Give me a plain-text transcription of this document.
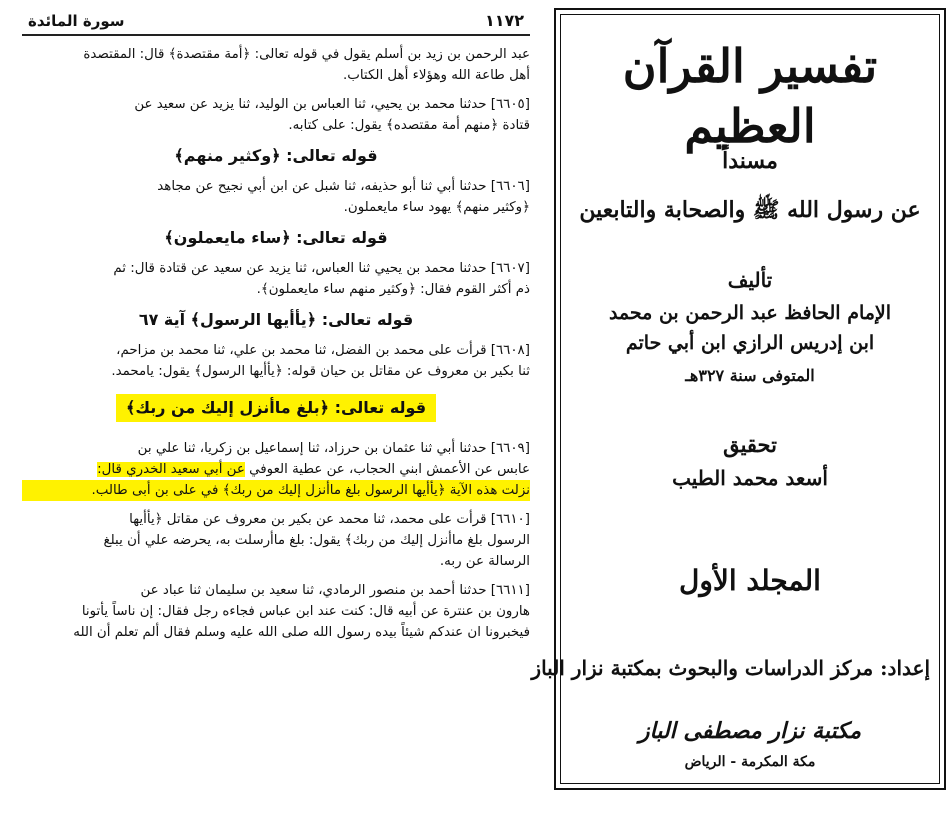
١١٧٢
سورة المائدة
عبد الرحمن بن زيد بن أسلم يقول في قوله تعالى: ﴿أمة مقتصدة﴾ قال: المقتصدة
أهل طاعة الله وهؤلاء أهل الكتاب.
[٦٦٠٥] حدثنا محمد بن يحيي، ثنا العباس بن الوليد، ثنا يزيد عن سعيد عن
قتادة ﴿منهم أمة مقتصده﴾ يقول: على كتابه.
قوله تعالى: ﴿وكثير منهم﴾
[٦٦٠٦] حدثنا أبي ثنا أبو حذيفه، ثنا شبل عن ابن أبي نجيح عن مجاهد
﴿وكثير منهم﴾ يهود ساء مايعملون.
قوله تعالى: ﴿ساء مايعملون﴾
[٦٦٠٧] حدثنا محمد بن يحيي ثنا العباس، ثنا يزيد عن سعيد عن قتادة قال: ثم
ذم أكثر القوم فقال: ﴿وكثير منهم ساء مايعملون﴾.
قوله تعالى: ﴿يأأيها الرسول﴾ آية ٦٧
[٦٦٠٨] قرأت على محمد بن الفضل، ثنا محمد بن علي، ثنا محمد بن مزاحم،
ثنا بكير بن معروف عن مقاتل بن حيان قوله: ﴿يأأيها الرسول﴾ يقول: يامحمد.
قوله تعالى: ﴿بلغ ماأنزل إليك من ربك﴾
[٦٦٠٩] حدثنا أبي ثنا عثمان بن حرزاد، ثنا إسماعيل بن زكريا، ثنا علي بن
عابس عن الأعمش ابني الحجاب، عن عطية العوفي عن أبي سعيد الخدري قال:
نزلت هذه الآية ﴿يأأيها الرسول بلغ ماأنزل إليك من ربك﴾ في على بن أبى طالب.
[٦٦١٠] قرأت على محمد، ثنا محمد عن بكير بن معروف عن مقاتل ﴿يأأيها
الرسول بلغ ماأنزل إليك من ربك﴾ يقول: بلغ ماأرسلت به، يحرضه علي أن يبلغ
الرسالة عن ربه.
[٦٦١١] حدثنا أحمد بن منصور الرمادي، ثنا سعيد بن سليمان ثنا عباد عن
هارون بن عنترة عن أبيه قال: كنت عند ابن عباس فجاءه رجل فقال: إن ناساً يأتونا
فيخبرونا ان عندكم شيئاً بيده رسول الله صلى الله عليه وسلم فقال ألم تعلم أن الله
تفسير القرآن العظيم
مسنداً
عن رسول الله ﷺ والصحابة والتابعين
تأليف
الإمام الحافظ عبد الرحمن بن محمد
ابن إدريس الرازي ابن أبي حاتم
المتوفى سنة ٣٢٧هـ
تحقيق
أسعد محمد الطيب
المجلد الأول
إعداد: مركز الدراسات والبحوث بمكتبة نزار الباز
مكتبة نزار مصطفى الباز
مكة المكرمة - الرياض
